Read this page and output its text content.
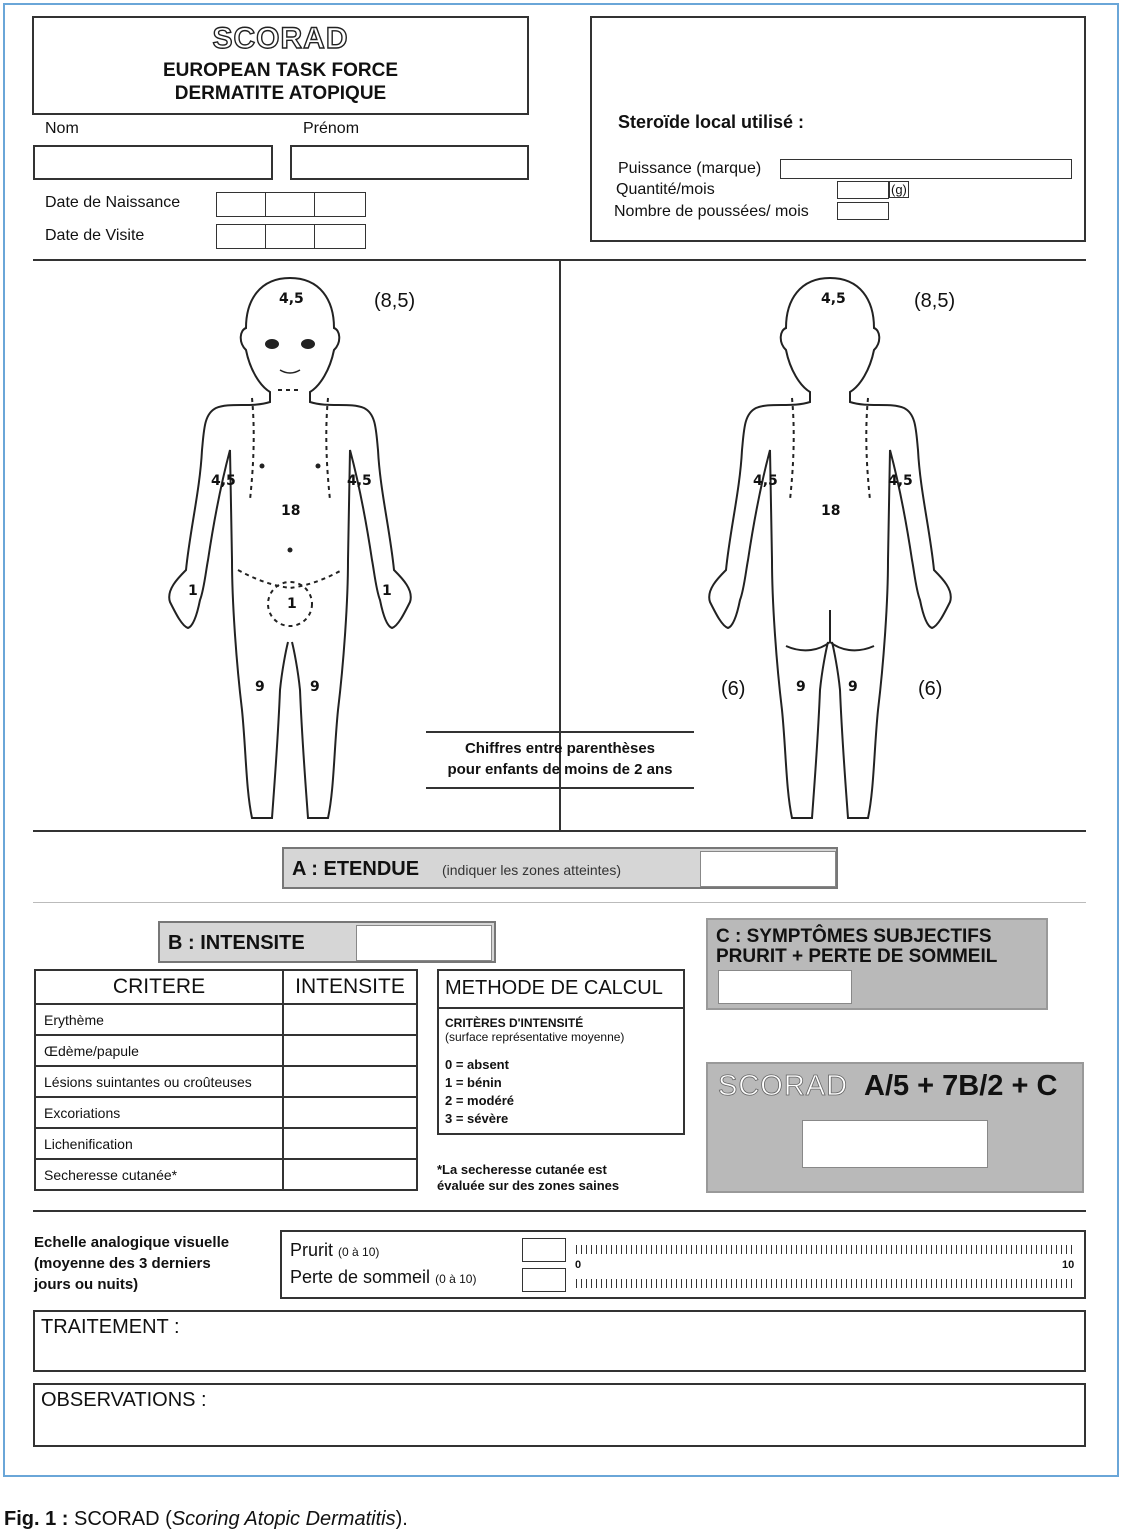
SCORAD
EUROPEAN TASK FORCE
DERMATITE ATOPIQUE
Nom	Prénom
Date de Naissance
Date de Visite
Steroïde local utilisé :
Puissance (marque)
Quantité/mois	(g)
Nombre de poussées/ mois
4,5	(8,5)
4,5	4,5
18
1	1
1
9	9
4,5	(8,5)
4,5	4,5
18
9	9
(6)	(6)
Chiffres entre parenthèses
pour enfants de moins de 2 ans
A : ETENDUE (indiquer les zones atteintes)
B : INTENSITE
CRITERE	INTENSITE
Erythème	
Œdème/papule	
Lésions suintantes ou croûteuses	
Excoriations	
Lichenification	
Secheresse cutanée*	
METHODE DE CALCUL
CRITÈRES D'INTENSITÉ
(surface représentative moyenne)
0 = absent
1 = bénin
2 = modéré
3 = sévère
*La secheresse cutanée est
évaluée sur des zones saines
C : SYMPTÔMES SUBJECTIFS
PRURIT + PERTE DE SOMMEIL
SCORAD A/5 + 7B/2 + C
Echelle analogique visuelle
(moyenne des 3 derniers
jours ou nuits)
Prurit (0 à 10)
Perte de sommeil (0 à 10)
0	10
TRAITEMENT :
OBSERVATIONS :
Fig. 1 : SCORAD (Scoring Atopic Dermatitis).
